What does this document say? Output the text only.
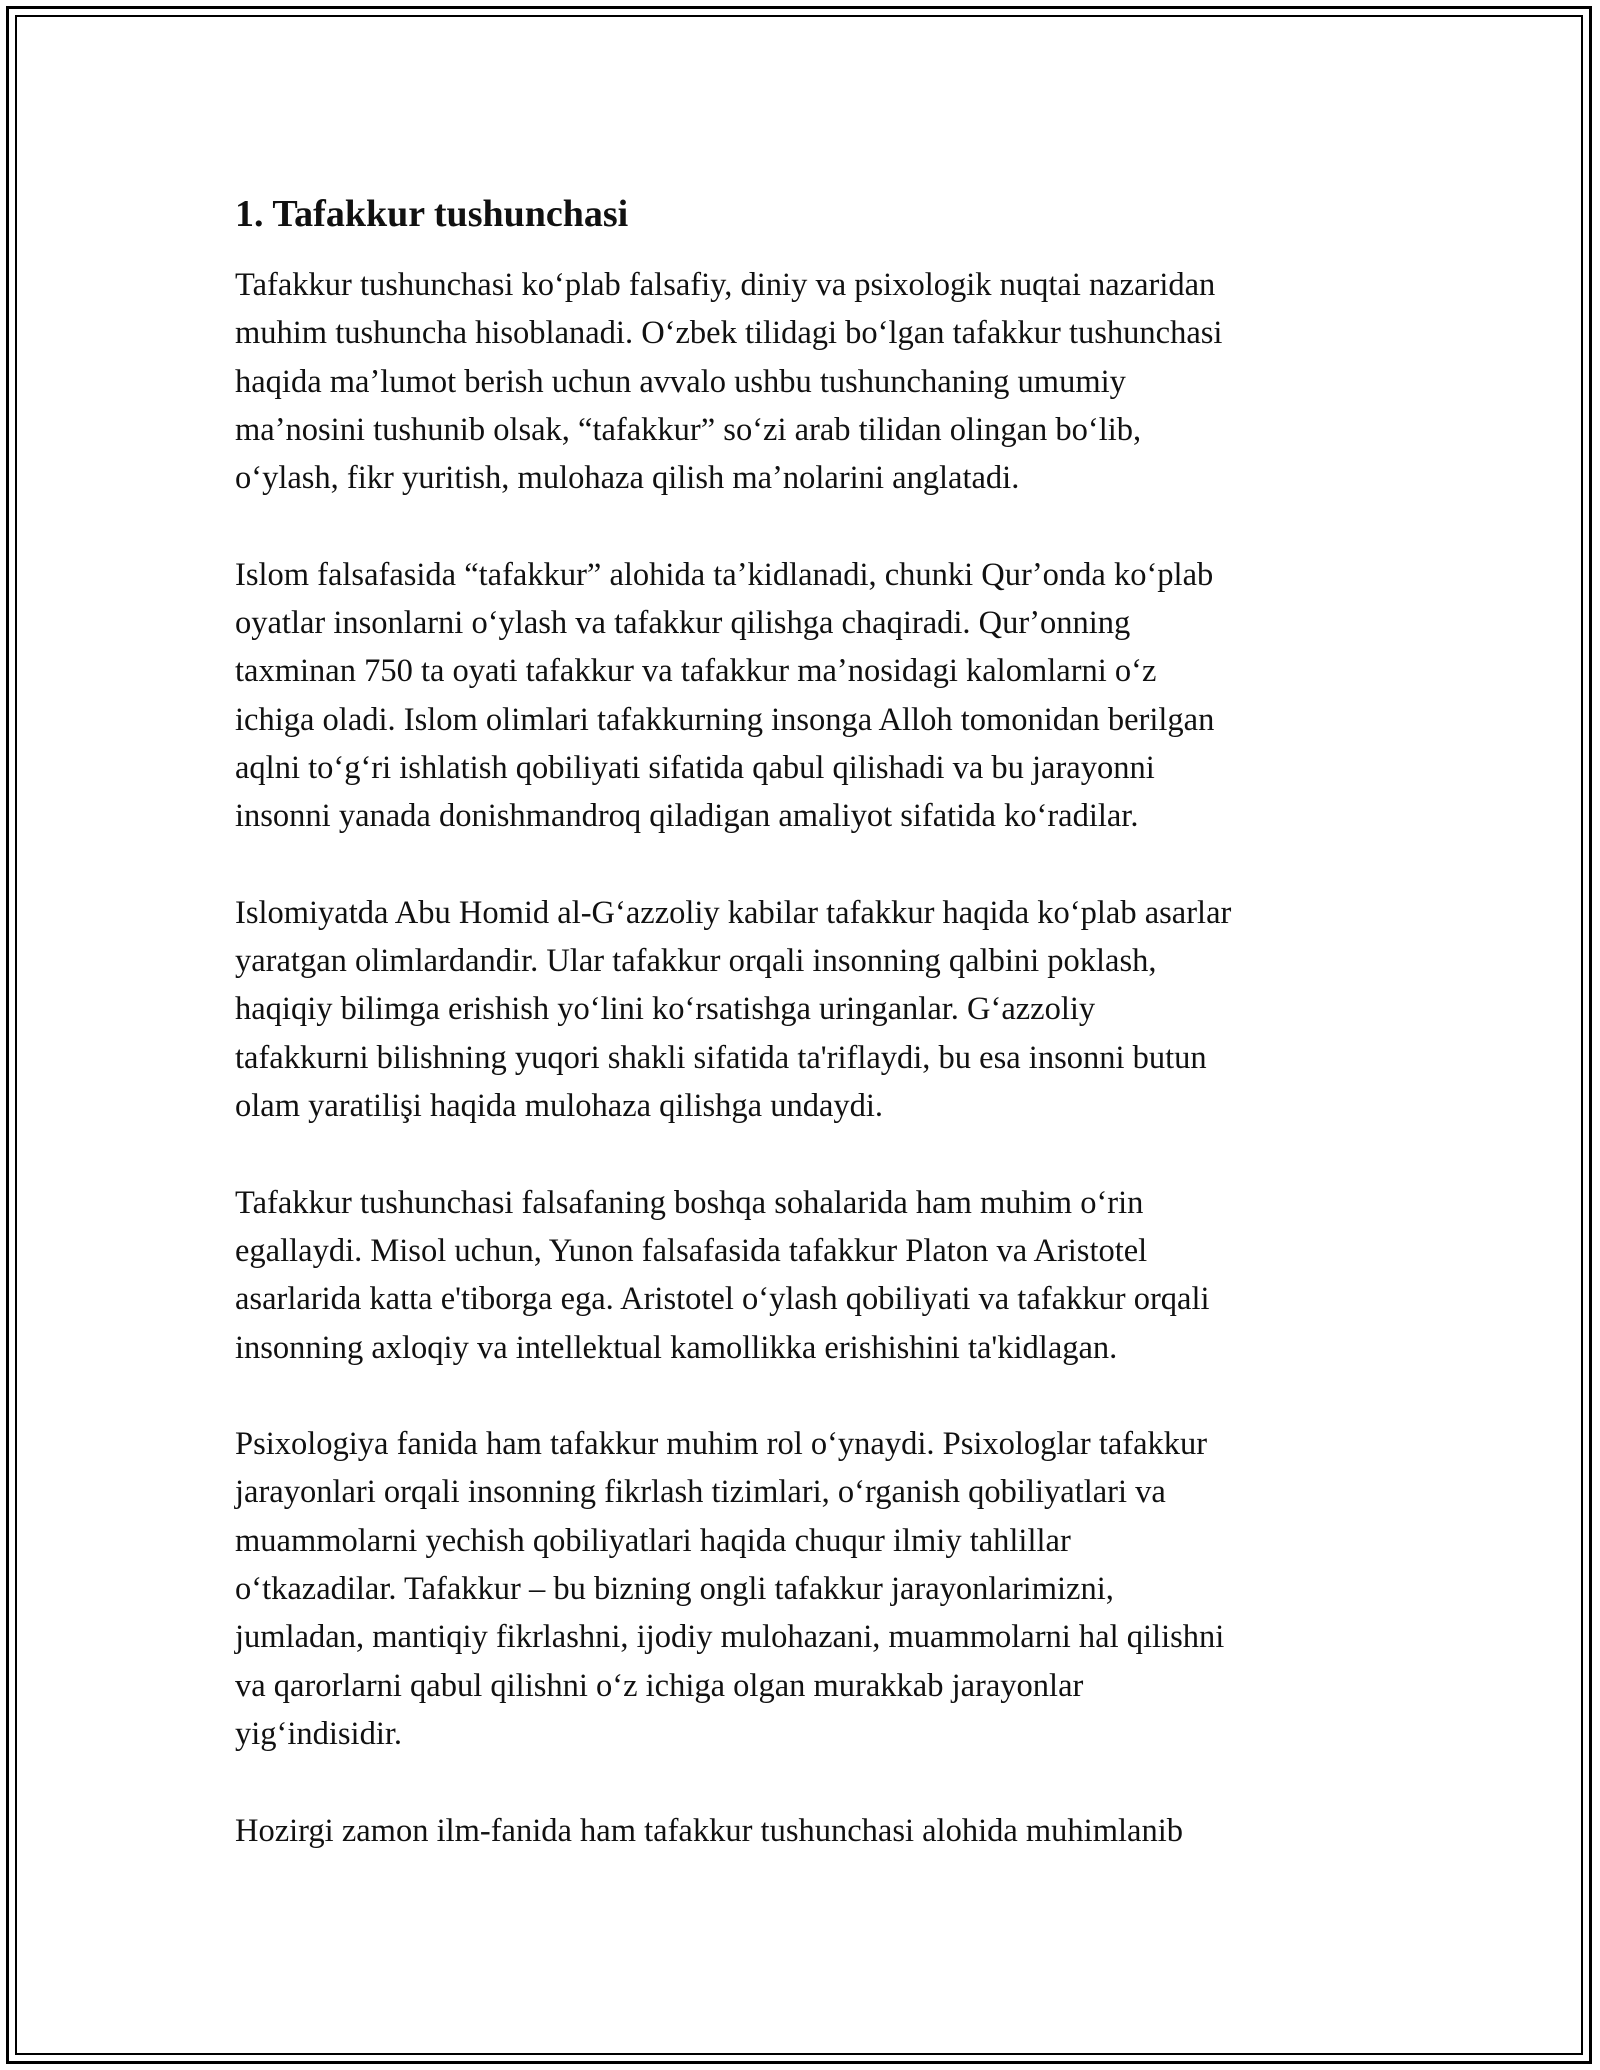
1. Tafakkur tushunchasi
Tafakkur tushunchasi koʻplab falsafiy, diniy va psixologik nuqtai nazaridan
muhim tushuncha hisoblanadi. Oʻzbek tilidagi boʻlgan tafakkur tushunchasi
haqida maʼlumot berish uchun avvalo ushbu tushunchaning umumiy
maʼnosini tushunib olsak, “tafakkur” soʻzi arab tilidan olingan boʻlib,
oʻylash, fikr yuritish, mulohaza qilish maʼnolarini anglatadi.
Islom falsafasida “tafakkur” alohida taʼkidlanadi, chunki Qurʼonda koʻplab
oyatlar insonlarni oʻylash va tafakkur qilishga chaqiradi. Qurʼonning
taxminan 750 ta oyati tafakkur va tafakkur maʼnosidagi kalomlarni oʻz
ichiga oladi. Islom olimlari tafakkurning insonga Alloh tomonidan berilgan
aqlni toʻgʻri ishlatish qobiliyati sifatida qabul qilishadi va bu jarayonni
insonni yanada donishmandroq qiladigan amaliyot sifatida koʻradilar.
Islomiyatda Abu Homid al-Gʻazzoliy kabilar tafakkur haqida koʻplab asarlar
yaratgan olimlardandir. Ular tafakkur orqali insonning qalbini poklash,
haqiqiy bilimga erishish yoʻlini koʻrsatishga uringanlar. Gʻazzoliy
tafakkurni bilishning yuqori shakli sifatida ta'riflaydi, bu esa insonni butun
olam yaratilişi haqida mulohaza qilishga undaydi.
Tafakkur tushunchasi falsafaning boshqa sohalarida ham muhim oʻrin
egallaydi. Misol uchun, Yunon falsafasida tafakkur Platon va Aristotel
asarlarida katta e'tiborga ega. Aristotel oʻylash qobiliyati va tafakkur orqali
insonning axloqiy va intellektual kamollikka erishishini ta'kidlagan.
Psixologiya fanida ham tafakkur muhim rol oʻynaydi. Psixologlar tafakkur
jarayonlari orqali insonning fikrlash tizimlari, oʻrganish qobiliyatlari va
muammolarni yechish qobiliyatlari haqida chuqur ilmiy tahlillar
oʻtkazadilar. Tafakkur – bu bizning ongli tafakkur jarayonlarimizni,
jumladan, mantiqiy fikrlashni, ijodiy mulohazani, muammolarni hal qilishni
va qarorlarni qabul qilishni oʻz ichiga olgan murakkab jarayonlar
yigʻindisidir.
Hozirgi zamon ilm-fanida ham tafakkur tushunchasi alohida muhimlanib
